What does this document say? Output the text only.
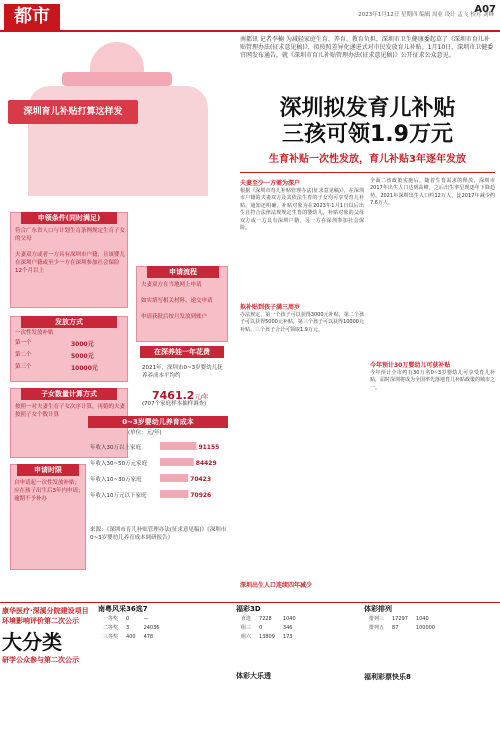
都市	2023年1月12日 星期四 编辑 周业 设计 孟飞 校对 刘峰
A07
深圳育儿补贴打算这样发
申领条件(同时满足)
符合广东省人口与计划生育条例规定生育子女的父母
夫妻双方或者一方具有深圳市户籍，且该婴儿在深圳户籍或至少一方在深圳参加社会保险12个月以上	申请流程
夫妻双方在当地网上申请
如实填写相关材料、递交申请
申请获批后按月发放到账户
发放方式
一次性发放补贴
第一个	3000元
第二个	5000元
第三个	10000元
在深养娃一年花费
2021年，深圳市0~3岁婴幼儿抚养养成本平均约
7461.2元/年
(707个家庭样本抽样调查)
子女数量计算方式
按照一对夫妻生育子女次序计算，再婚的夫妻按照子女个数计算
0~3岁婴幼儿养育成本
(单位：元/年)
年收入30万以上家庭	91155
年收入30~50万元家庭	84429
年收入10~30万家庭	70423
年收入10万元以下家庭	70926
申请时限
自申请起一次性发放补贴；应在孩子出生后3年内申请；逾期不予补办
来源：《深圳市育儿补贴管理办法(征求意见稿)》《深圳市0~3岁婴幼儿养育成本调研报告》
南都讯 记者李楠 为减轻家庭生育、养育、教育负担，深圳市卫生健康委起草了《深圳市育儿补贴管理办法(征求意见稿)》，拟按照差异化递进式对市民发放育儿补贴。1月10日，深圳市卫健委官网发布通告，就《深圳市育儿补贴管理办法(征求意见稿)》公开征求公众意见。
深圳拟发育儿补贴
三孩可领1.9万元
生育补贴一次性发放，育儿补贴3年逐年发放
夫妻至少一方需为深户
根据《深圳市育儿补贴管理办法(征求意见稿)》，在深圳市户籍的夫妻双方及其依法生育的子女均可享受育儿补贴。通知还明确，补贴对象为在2023年1月1日以后出生且符合法律法规规定生育的婴幼儿，补贴对象的父母双方或一方具有深圳户籍，另一方在深圳参加社会保险。
拟补贴到孩子满三周岁
办法规定，第一个孩子可以获得3000元补贴，第二个孩子可以获得5000元补贴，第三个孩子可以获得10000元补贴。三个孩子合计可领取1.9万元。
深圳出生人口连续四年减少
全面二孩政策实施后，随着生育需求的释放，深圳市2017年出生人口达到高峰。之后出生率呈现逐年下降趋势。2021年深圳出生人口约12万人，比2017年减少约7.6万人。
今年预计30万婴幼儿可获补贴
今年预计全市约有30万名0~3岁婴幼儿可享受育儿补贴，届时深圳将成为全国率先落地育儿补贴政策的城市之一。
康华医疗·深溪分院建设项目
环境影响评价第二次公示
大分类
研学公众参与第二次公示
南粤风采36选7
一等奖	0	—
二等奖	3	24036
三等奖	400	478
福彩3D
直选	7228	1040
组三	0	346
组六	13809	173
体彩大乐透
体彩排列
排列三	17297	1040
排列五	87	100000
福利彩票快乐8
